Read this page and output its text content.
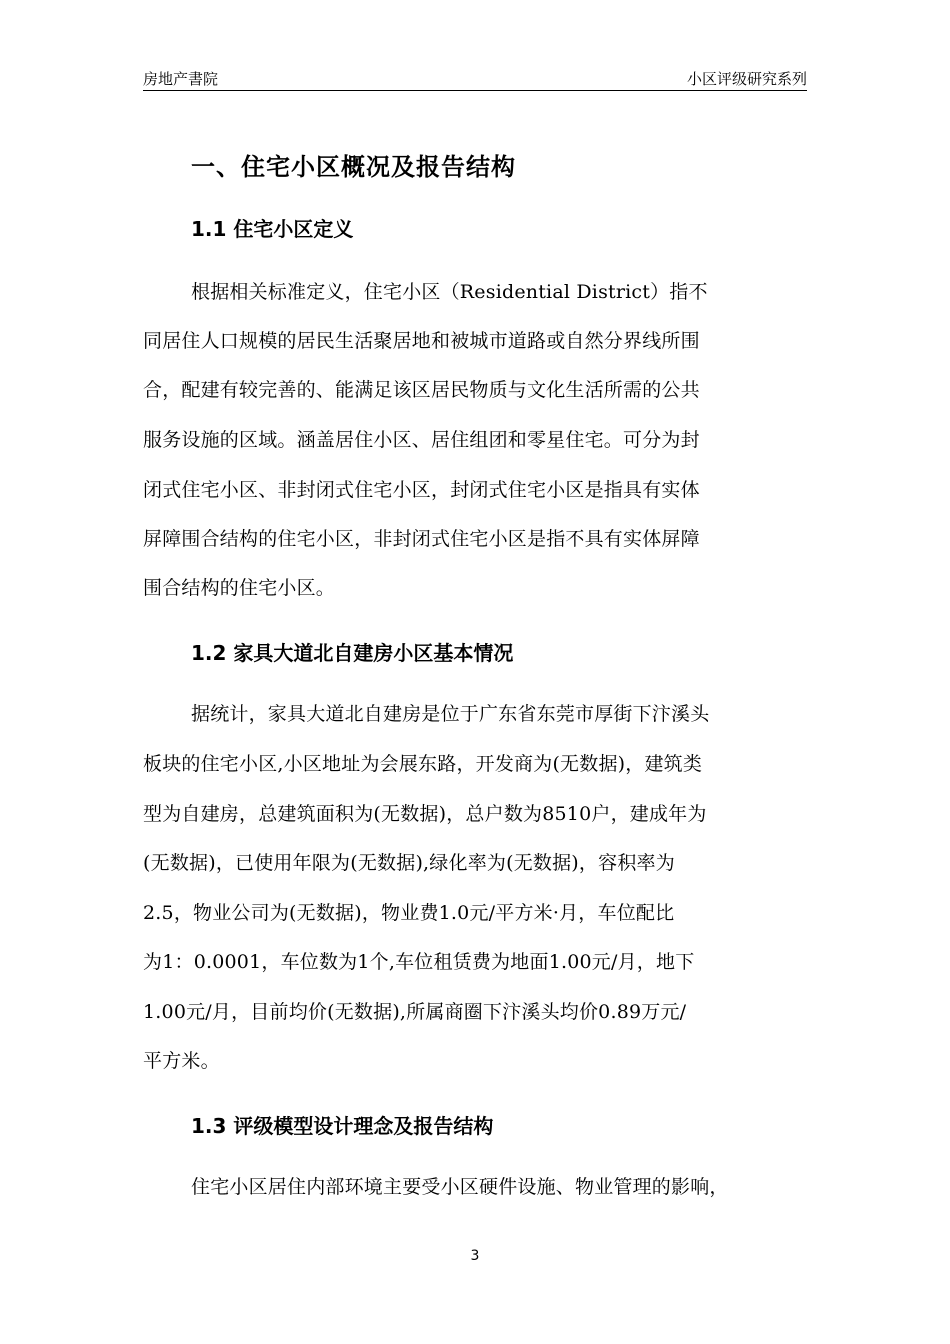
房地产書院	小区评级研究系列
一、住宅小区概况及报告结构
1.1 住宅小区定义
根据相关标准定义，住宅小区（Residential District）指不
同居住人口规模的居民生活聚居地和被城市道路或自然分界线所围
合，配建有较完善的、能满足该区居民物质与文化生活所需的公共
服务设施的区域。涵盖居住小区、居住组团和零星住宅。可分为封
闭式住宅小区、非封闭式住宅小区，封闭式住宅小区是指具有实体
屏障围合结构的住宅小区，非封闭式住宅小区是指不具有实体屏障
围合结构的住宅小区。
1.2 家具大道北自建房小区基本情况
据统计，家具大道北自建房是位于广东省东莞市厚街下汴溪头
板块的住宅小区,小区地址为会展东路，开发商为(无数据)，建筑类
型为自建房，总建筑面积为(无数据)，总户数为8510户，建成年为
(无数据)，已使用年限为(无数据),绿化率为(无数据)，容积率为
2.5，物业公司为(无数据)，物业费1.0元/平方米·月，车位配比
为1：0.0001，车位数为1个,车位租赁费为地面1.00元/月，地下
1.00元/月，目前均价(无数据),所属商圈下汴溪头均价0.89万元/
平方米。
1.3 评级模型设计理念及报告结构
住宅小区居住内部环境主要受小区硬件设施、物业管理的影响，
3
